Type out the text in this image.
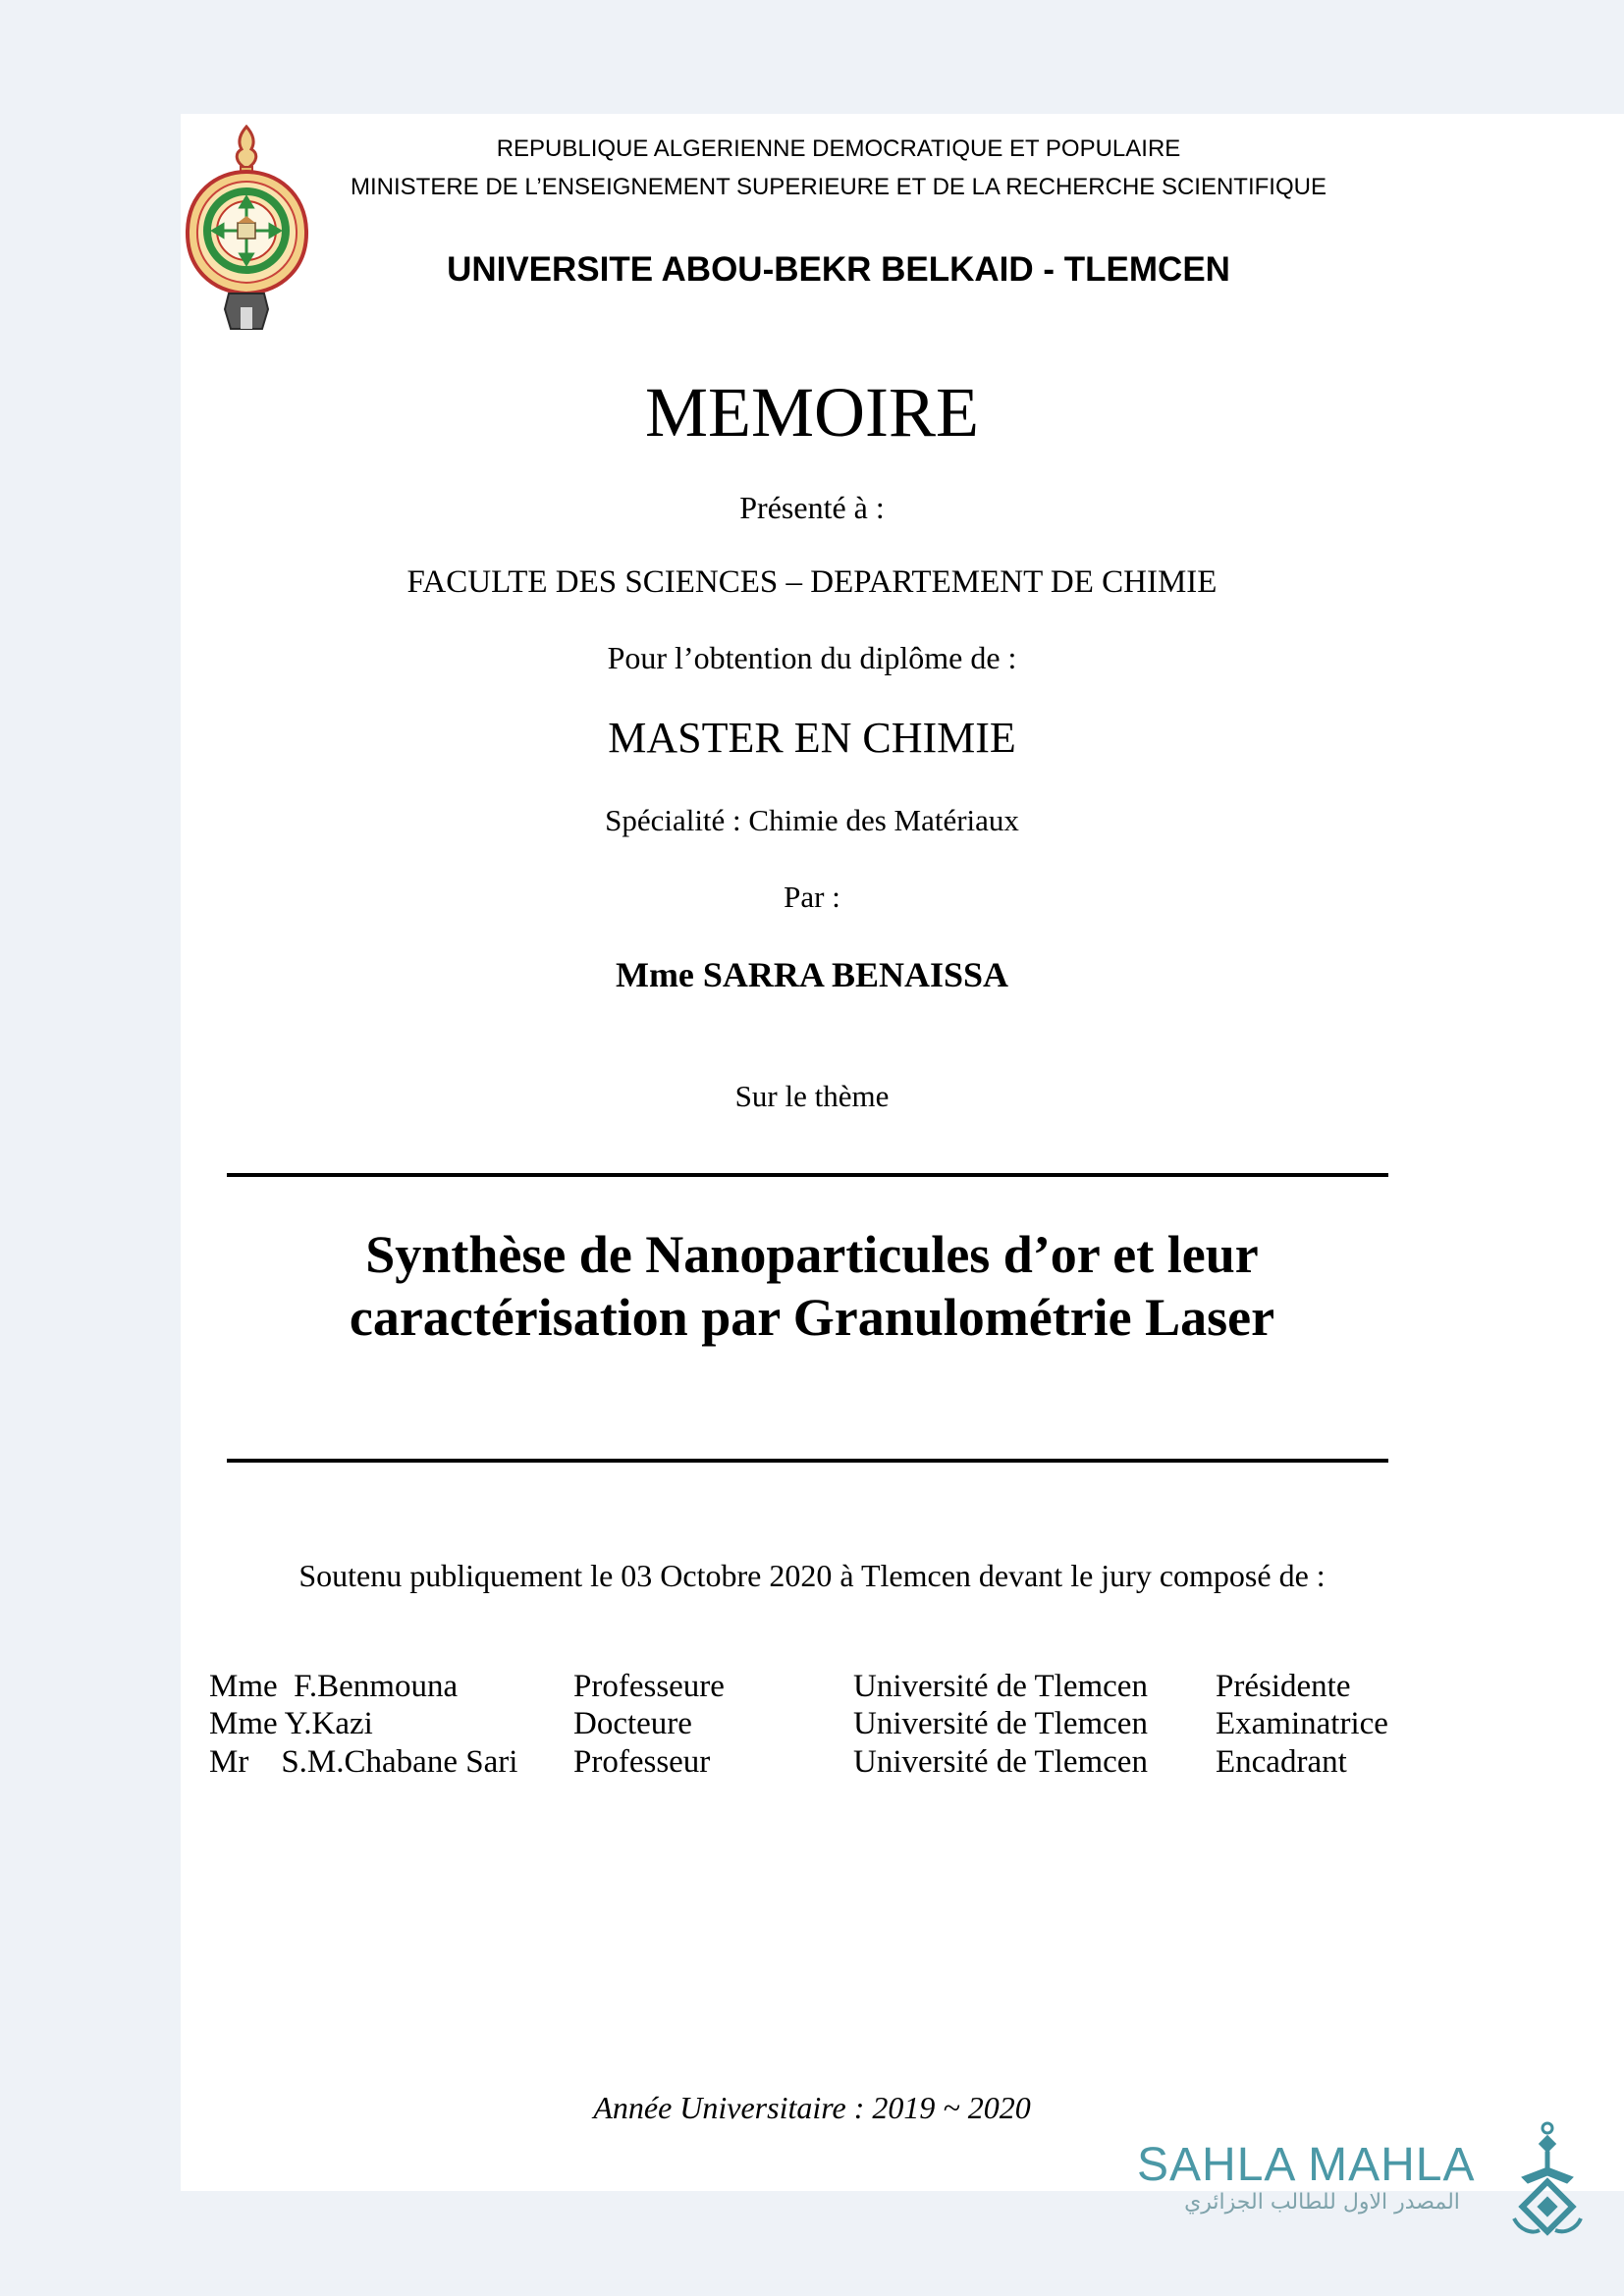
REPUBLIQUE ALGERIENNE DEMOCRATIQUE ET POPULAIRE
MINISTERE DE L’ENSEIGNEMENT SUPERIEURE ET DE LA RECHERCHE SCIENTIFIQUE
UNIVERSITE ABOU-BEKR BELKAID - TLEMCEN
MEMOIRE
Présenté à :
FACULTE DES SCIENCES – DEPARTEMENT DE CHIMIE
Pour l’obtention du diplôme de :
MASTER EN CHIMIE
Spécialité : Chimie des Matériaux
Par :
Mme SARRA BENAISSA
Sur le thème
Synthèse de Nanoparticules d’or et leur
caractérisation par Granulométrie Laser
Soutenu publiquement le 03 Octobre 2020 à Tlemcen devant le jury composé de :
Mme  F.Benmouna	Professeure	Université de Tlemcen Présidente
Mme Y.Kazi	Docteure	Université de Tlemcen Examinatrice
Mr    S.M.Chabane Sari Professeur	Université de Tlemcen Encadrant
Année Universitaire : 2019 ~ 2020
SAHLA MAHLA
المصدر الاول للطالب الجزائري
